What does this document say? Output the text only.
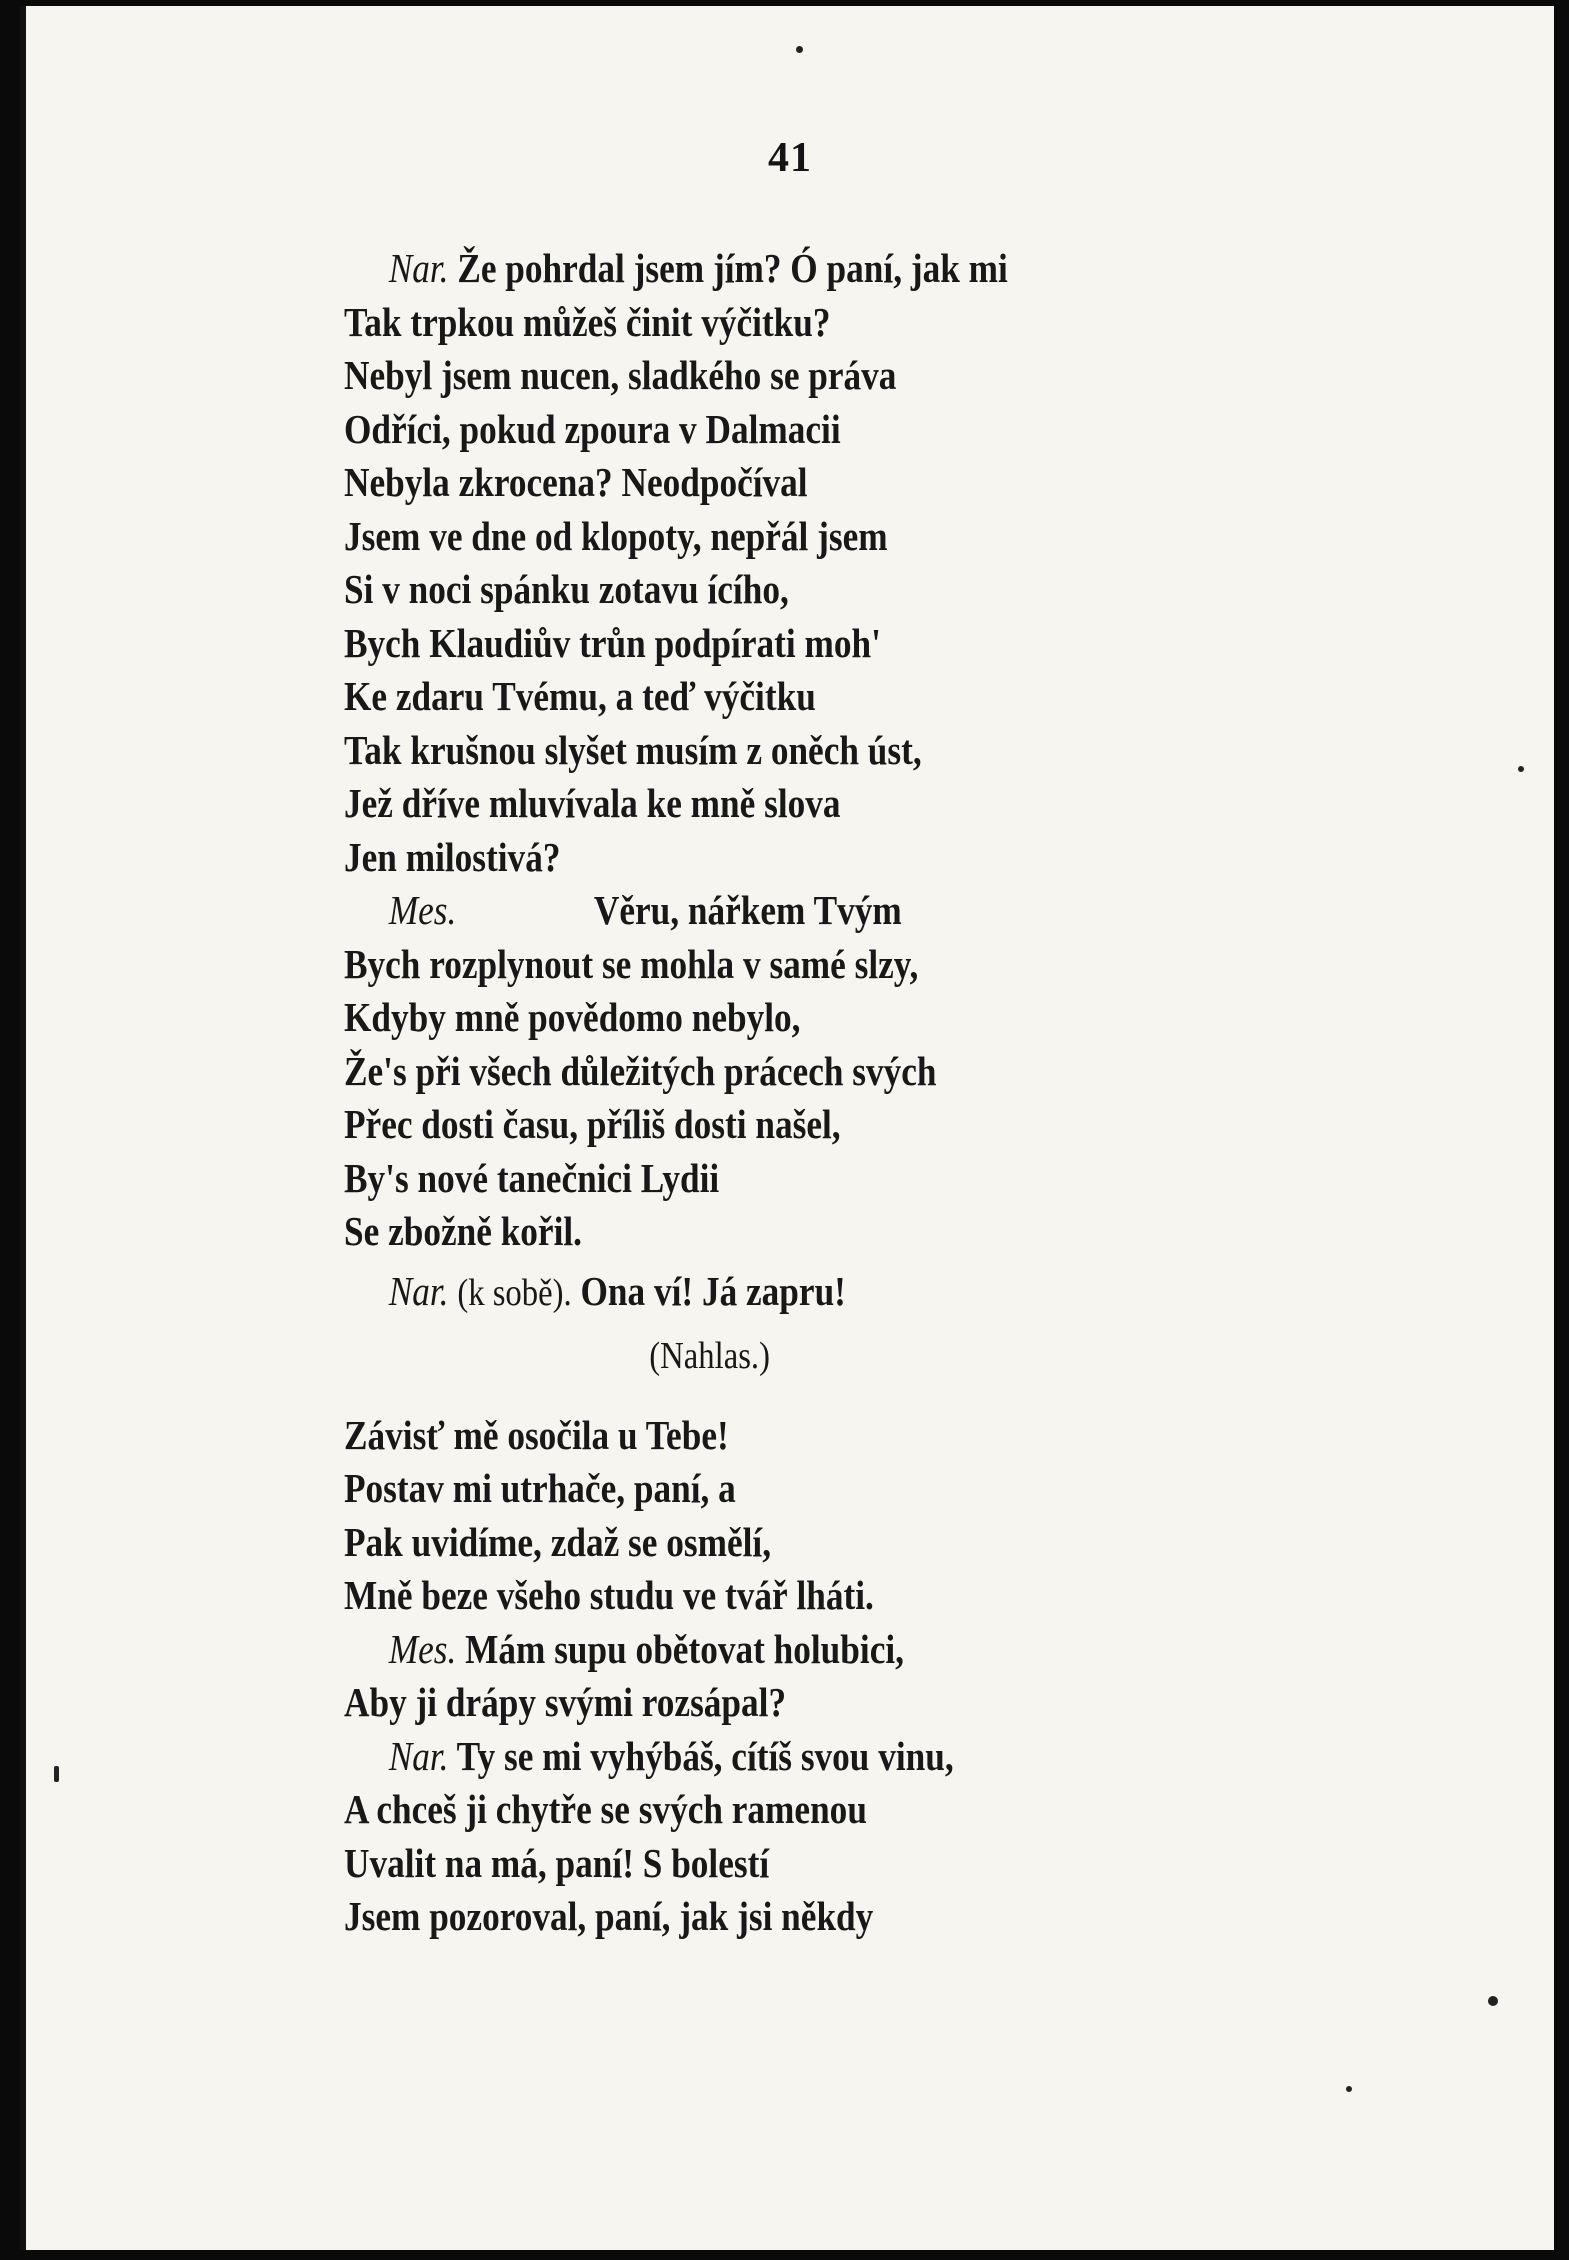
41
Nar. Že pohrdal jsem jím? Ó paní, jak mi
Tak trpkou můžeš činit výčitku?
Nebyl jsem nucen, sladkého se práva
Odříci, pokud zpoura v Dalmacii
Nebyla zkrocena? Neodpočíval
Jsem ve dne od klopoty, nepřál jsem
Si v noci spánku zotavu ícího,
Bych Klaudiův trůn podpírati moh'
Ke zdaru Tvému, a teď výčitku
Tak krušnou slyšet musím z oněch úst,
Jež dříve mluvívala ke mně slova
Jen milostivá?
Mes.	Věru, nářkem Tvým
Bych rozplynout se mohla v samé slzy,
Kdyby mně povědomo nebylo,
Že's při všech důležitých prácech svých
Přec dosti času, příliš dosti našel,
By's nové tanečnici Lydii
Se zbožně kořil.
Nar. (k sobě). Ona ví! Já zapru!
(Nahlas.)
Závisť mě osočila u Tebe!
Postav mi utrhače, paní, a
Pak uvidíme, zdaž se osmělí,
Mně beze všeho studu ve tvář lháti.
Mes. Mám supu obětovat holubici,
Aby ji drápy svými rozsápal?
Nar. Ty se mi vyhýbáš, cítíš svou vinu,
A chceš ji chytře se svých ramenou
Uvalit na má, paní! S bolestí
Jsem pozoroval, paní, jak jsi někdy
